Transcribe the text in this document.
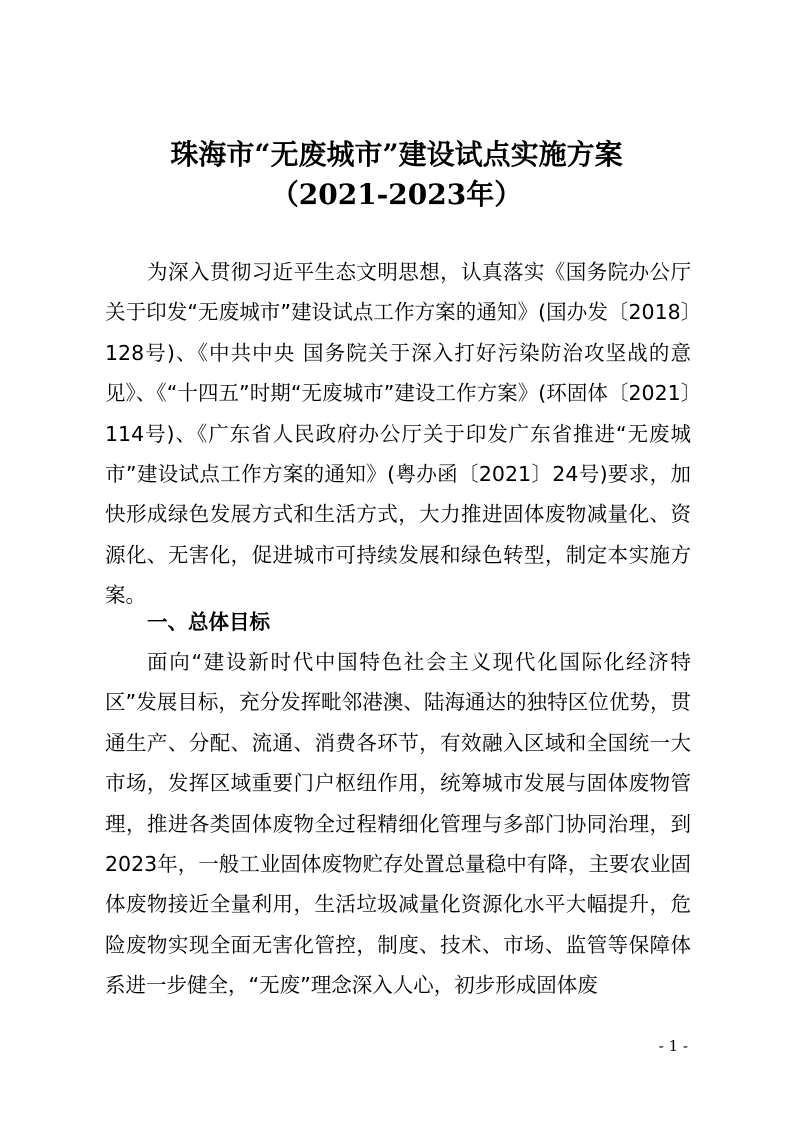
珠海市“无废城市”建设试点实施方案
（2021-2023年）

为深入贯彻习近平生态文明思想，认真落实《国务院办公厅关于印发“无废城市”建设试点工作方案的通知》(国办发〔2018〕128号)、《中共中央 国务院关于深入打好污染防治攻坚战的意见》、《“十四五”时期“无废城市”建设工作方案》(环固体〔2021〕114号)、《广东省人民政府办公厅关于印发广东省推进“无废城市”建设试点工作方案的通知》(粤办函〔2021〕24号)要求，加快形成绿色发展方式和生活方式，大力推进固体废物减量化、资源化、无害化，促进城市可持续发展和绿色转型，制定本实施方案。

一、总体目标

面向“建设新时代中国特色社会主义现代化国际化经济特区”发展目标，充分发挥毗邻港澳、陆海通达的独特区位优势，贯通生产、分配、流通、消费各环节，有效融入区域和全国统一大市场，发挥区域重要门户枢纽作用，统筹城市发展与固体废物管理，推进各类固体废物全过程精细化管理与多部门协同治理，到2023年，一般工业固体废物贮存处置总量稳中有降，主要农业固体废物接近全量利用，生活垃圾减量化资源化水平大幅提升，危险废物实现全面无害化管控，制度、技术、市场、监管等保障体系进一步健全，“无废”理念深入人心，初步形成固体废

- 1 -
